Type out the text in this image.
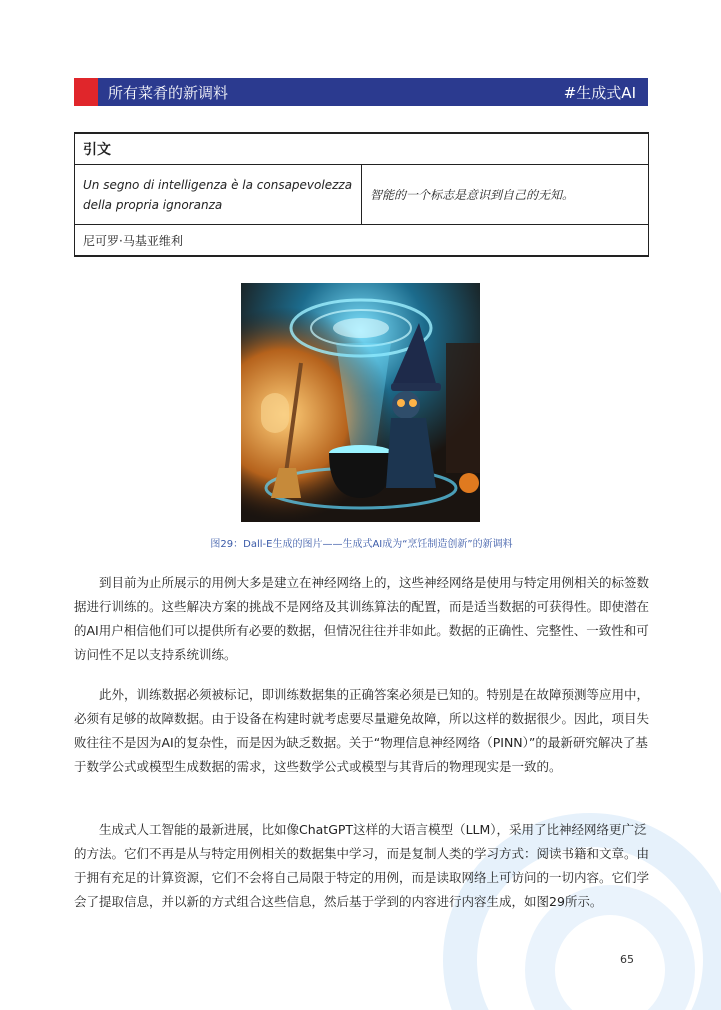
所有菜肴的新调料	#生成式AI
引文
Un segno di intelligenza è la consapevolezza della propria ignoranza	智能的一个标志是意识到自己的无知。
尼可罗·马基亚维利
图29：Dall-E生成的图片——生成式AI成为“烹饪制造创新”的新调料

到目前为止所展示的用例大多是建立在神经网络上的，这些神经网络是使用与特定用例相关的标签数据进行训练的。这些解决方案的挑战不是网络及其训练算法的配置，而是适当数据的可获得性。即使潜在的AI用户相信他们可以提供所有必要的数据，但情况往往并非如此。数据的正确性、完整性、一致性和可访问性不足以支持系统训练。

此外，训练数据必须被标记，即训练数据集的正确答案必须是已知的。特别是在故障预测等应用中，必须有足够的故障数据。由于设备在构建时就考虑要尽量避免故障，所以这样的数据很少。因此，项目失败往往不是因为AI的复杂性，而是因为缺乏数据。关于“物理信息神经网络（PINN）”的最新研究解决了基于数学公式或模型生成数据的需求，这些数学公式或模型与其背后的物理现实是一致的。

生成式人工智能的最新进展，比如像ChatGPT这样的大语言模型（LLM），采用了比神经网络更广泛的方法。它们不再是从与特定用例相关的数据集中学习，而是复制人类的学习方式：阅读书籍和文章。由于拥有充足的计算资源，它们不会将自己局限于特定的用例，而是读取网络上可访问的一切内容。它们学会了提取信息，并以新的方式组合这些信息，然后基于学到的内容进行内容生成，如图29所示。

65
